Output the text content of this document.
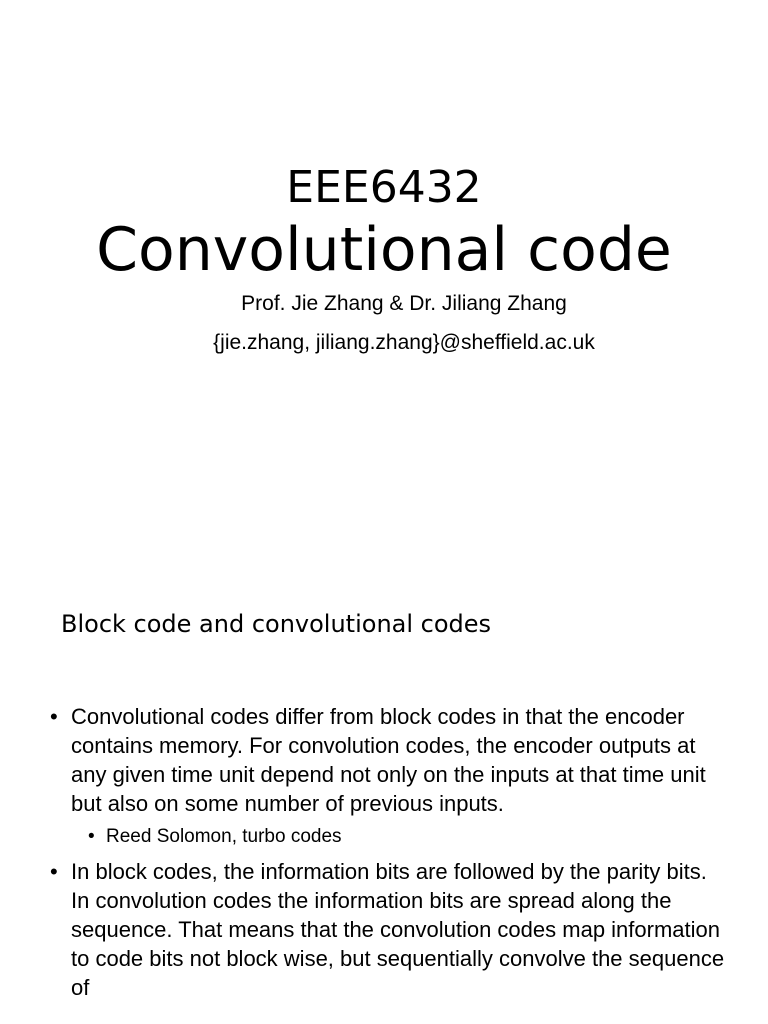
EEE6432
Convolutional code
Prof. Jie Zhang & Dr. Jiliang Zhang
{jie.zhang, jiliang.zhang}@sheffield.ac.uk
Block code and convolutional codes
• Convolutional codes differ from block codes in that the encoder contains memory. For convolution codes, the encoder outputs at any given time unit depend not only on the inputs at that time unit but also on some number of previous inputs.
• Reed Solomon, turbo codes
• In block codes, the information bits are followed by the parity bits. In convolution codes the information bits are spread along the sequence. That means that the convolution codes map information to code bits not block wise, but sequentially convolve the sequence of
